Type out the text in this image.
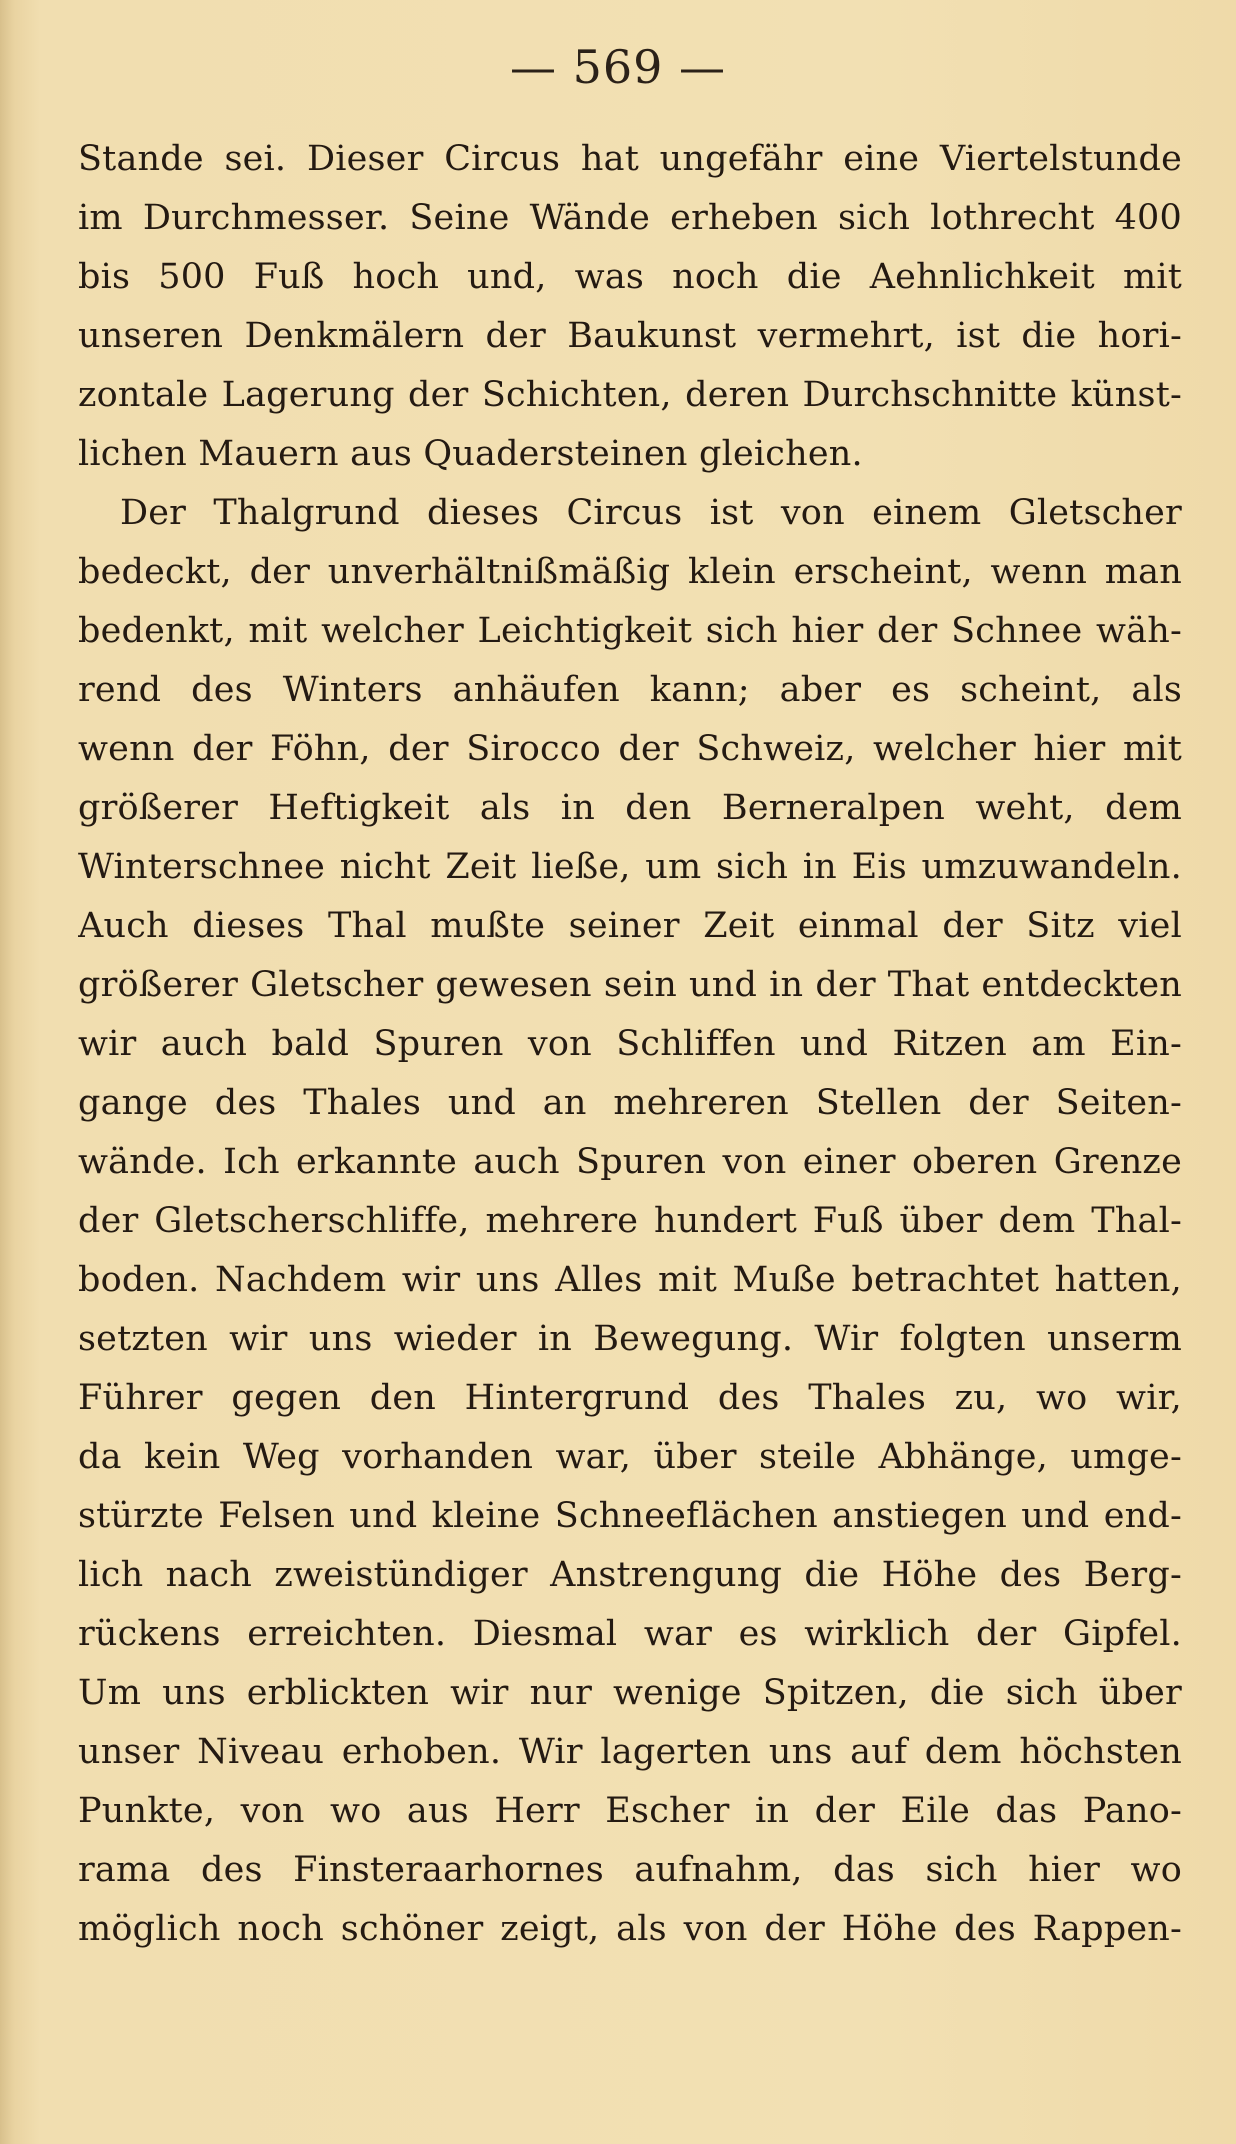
— 569 —
Stande sei. Dieser Circus hat ungefähr eine Viertelstunde
im Durchmesser. Seine Wände erheben sich lothrecht 400
bis 500 Fuß hoch und, was noch die Aehnlichkeit mit
unseren Denkmälern der Baukunst vermehrt, ist die hori-
zontale Lagerung der Schichten, deren Durchschnitte künst-
lichen Mauern aus Quadersteinen gleichen.
Der Thalgrund dieses Circus ist von einem Gletscher
bedeckt, der unverhältnißmäßig klein erscheint, wenn man
bedenkt, mit welcher Leichtigkeit sich hier der Schnee wäh-
rend des Winters anhäufen kann; aber es scheint, als
wenn der Föhn, der Sirocco der Schweiz, welcher hier mit
größerer Heftigkeit als in den Berneralpen weht, dem
Winterschnee nicht Zeit ließe, um sich in Eis umzuwandeln.
Auch dieses Thal mußte seiner Zeit einmal der Sitz viel
größerer Gletscher gewesen sein und in der That entdeckten
wir auch bald Spuren von Schliffen und Ritzen am Ein-
gange des Thales und an mehreren Stellen der Seiten-
wände. Ich erkannte auch Spuren von einer oberen Grenze
der Gletscherschliffe, mehrere hundert Fuß über dem Thal-
boden. Nachdem wir uns Alles mit Muße betrachtet hatten,
setzten wir uns wieder in Bewegung. Wir folgten unserm
Führer gegen den Hintergrund des Thales zu, wo wir,
da kein Weg vorhanden war, über steile Abhänge, umge-
stürzte Felsen und kleine Schneeflächen anstiegen und end-
lich nach zweistündiger Anstrengung die Höhe des Berg-
rückens erreichten. Diesmal war es wirklich der Gipfel.
Um uns erblickten wir nur wenige Spitzen, die sich über
unser Niveau erhoben. Wir lagerten uns auf dem höchsten
Punkte, von wo aus Herr Escher in der Eile das Pano-
rama des Finsteraarhornes aufnahm, das sich hier wo
möglich noch schöner zeigt, als von der Höhe des Rappen-
